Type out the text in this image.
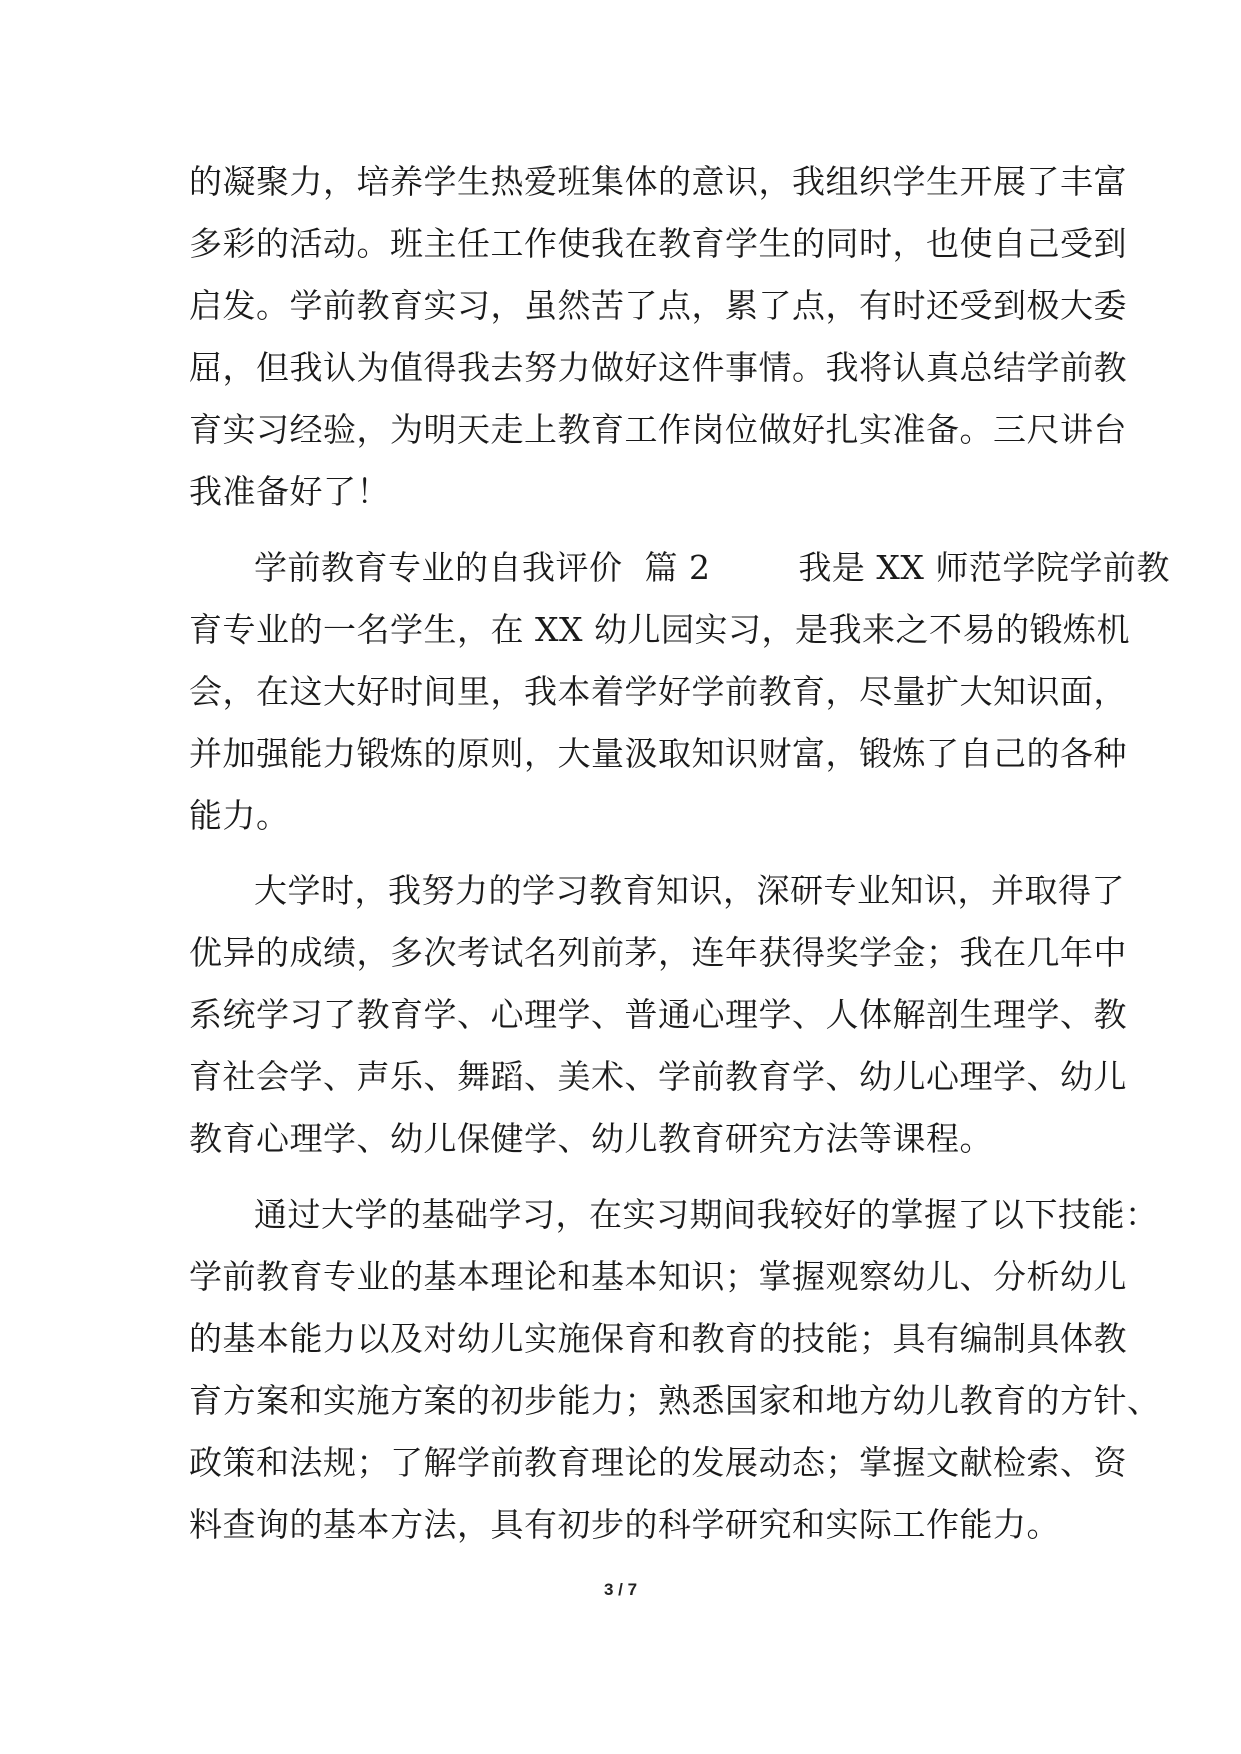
的凝聚力，培养学生热爱班集体的意识，我组织学生开展了丰富
多彩的活动。班主任工作使我在教育学生的同时，也使自己受到
启发。学前教育实习，虽然苦了点，累了点，有时还受到极大委
屈，但我认为值得我去努力做好这件事情。我将认真总结学前教
育实习经验，为明天走上教育工作岗位做好扎实准备。三尺讲台
我准备好了！
学前教育专业的自我评价  篇 2        我是 XX 师范学院学前教
育专业的一名学生，在 XX 幼儿园实习，是我来之不易的锻炼机
会，在这大好时间里，我本着学好学前教育，尽量扩大知识面，
并加强能力锻炼的原则，大量汲取知识财富，锻炼了自己的各种
能力。
大学时，我努力的学习教育知识，深研专业知识，并取得了
优异的成绩，多次考试名列前茅，连年获得奖学金；我在几年中
系统学习了教育学、心理学、普通心理学、人体解剖生理学、教
育社会学、声乐、舞蹈、美术、学前教育学、幼儿心理学、幼儿
教育心理学、幼儿保健学、幼儿教育研究方法等课程。
通过大学的基础学习，在实习期间我较好的掌握了以下技能：
学前教育专业的基本理论和基本知识；掌握观察幼儿、分析幼儿
的基本能力以及对幼儿实施保育和教育的技能；具有编制具体教
育方案和实施方案的初步能力；熟悉国家和地方幼儿教育的方针、
政策和法规；了解学前教育理论的发展动态；掌握文献检索、资
料查询的基本方法，具有初步的科学研究和实际工作能力。
3 / 7
